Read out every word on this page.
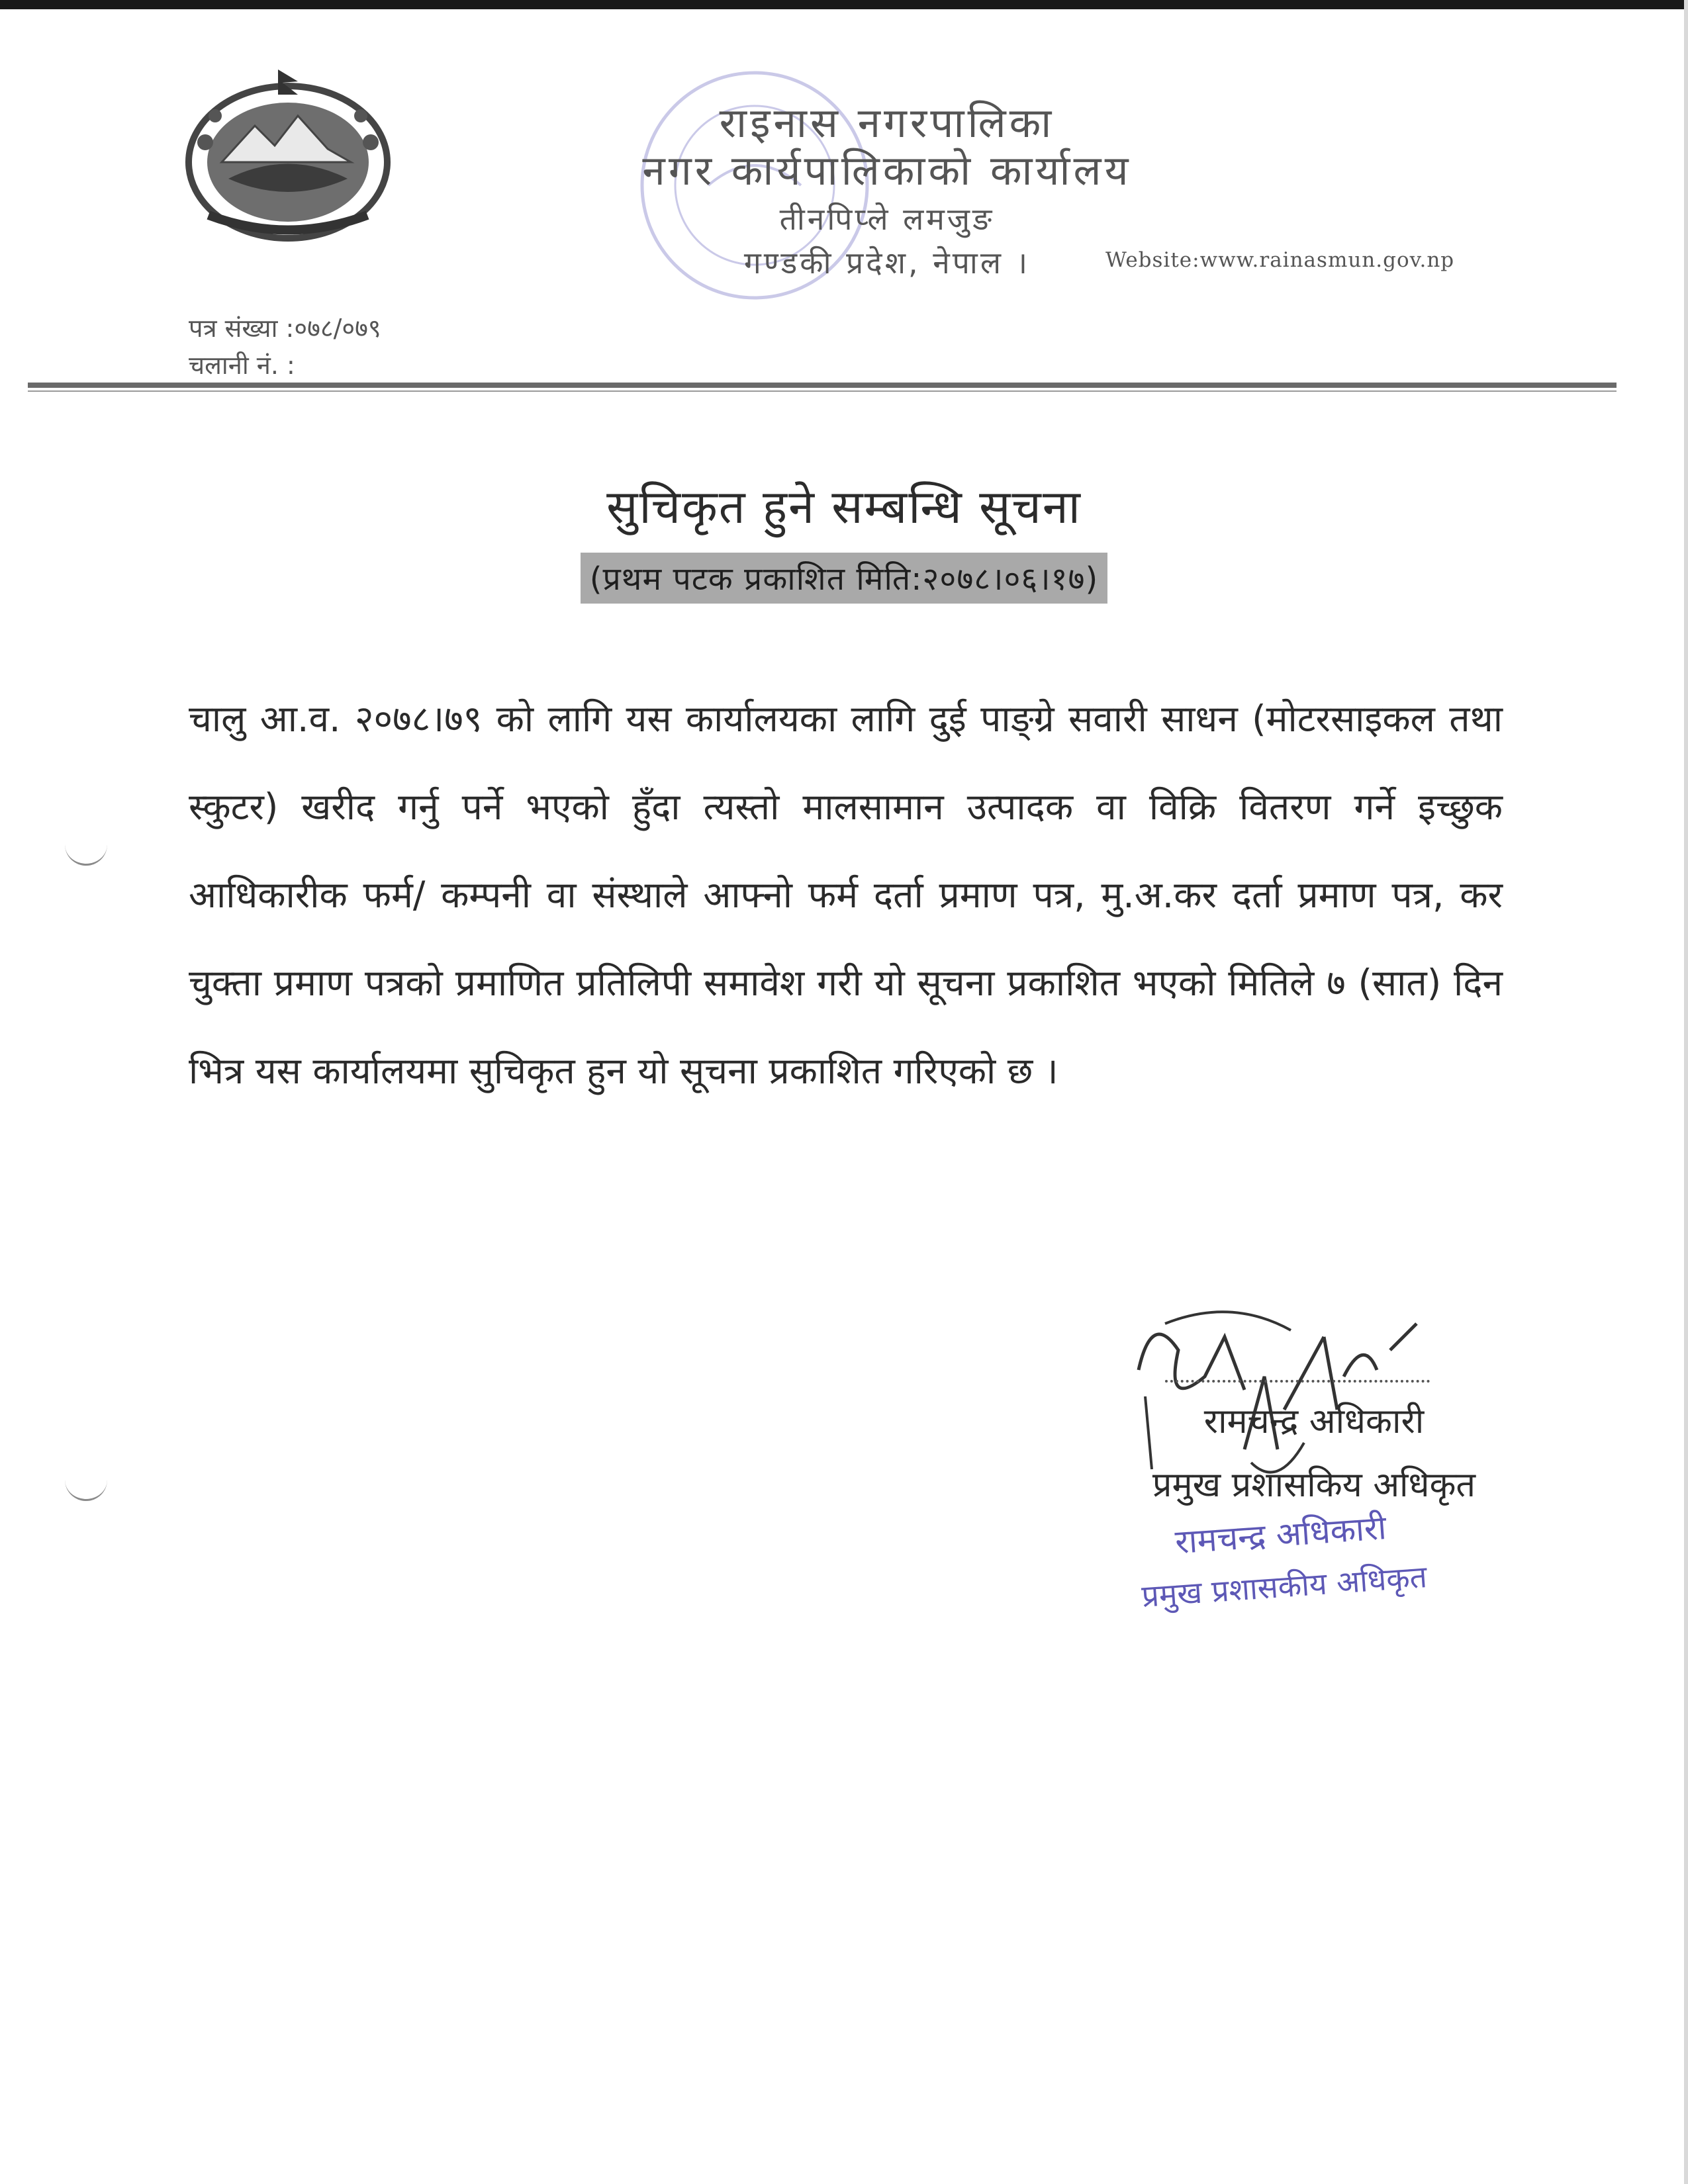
राइनास नगरपालिका
नगर कार्यपालिकाको कार्यालय
तीनपिप्ले लमजुङ
गण्डकी प्रदेश, नेपाल ।	Website:www.rainasmun.gov.np
पत्र संख्या :०७८/०७९
चलानी नं. :
सुचिकृत हुने सम्बन्धि सूचना
(प्रथम पटक प्रकाशित मिति:२०७८।०६।१७)
चालु आ.व. २०७८।७९ को लागि यस कार्यालयका लागि दुई पाङ्ग्रे सवारी साधन (मोटरसाइकल तथा स्कुटर) खरीद गर्नु पर्ने भएको हुँदा त्यस्तो मालसामान उत्पादक वा विक्रि वितरण गर्ने इच्छुक आधिकारीक फर्म/ कम्पनी वा संस्थाले आफ्नो फर्म दर्ता प्रमाण पत्र, मु.अ.कर दर्ता प्रमाण पत्र, कर चुक्ता प्रमाण पत्रको प्रमाणित प्रतिलिपी समावेश गरी यो सूचना प्रकाशित भएको मितिले ७ (सात) दिन भित्र यस कार्यालयमा सुचिकृत हुन यो सूचना प्रकाशित गरिएको छ ।
रामचन्द्र अधिकारी
प्रमुख प्रशासकिय अधिकृत
रामचन्द्र अधिकारी
प्रमुख प्रशासकीय अधिकृत
